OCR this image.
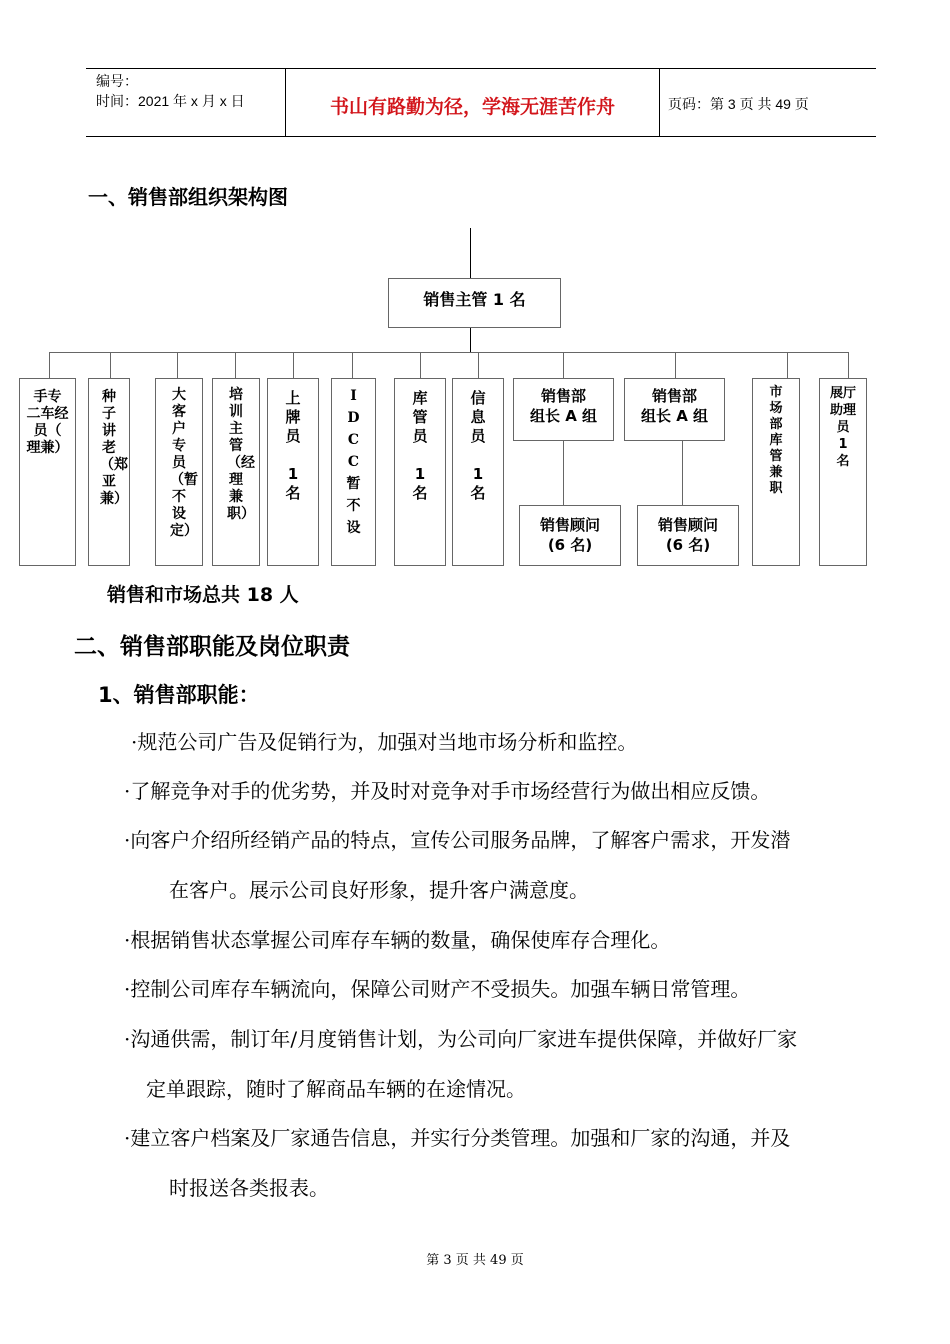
编号：
时间：2021 年 x 月 x 日	书山有路勤为径，学海无涯苦作舟	页码：第 3 页 共 49 页
一、销售部组织架构图
销售主管 1 名
手专
二车经
员（
理兼）
种子讲老（郑亚兼）
大客户专员（暂不设定）
培训主管（经理兼职）
上牌员

1
名
IDCC
暂
不
设
库管员

1
名
信息员

1
名
销售部
组长 A 组
销售部
组长 A 组
市场部库管兼职
展厅助理员 1 名
销售顾问
(6 名)
销售顾问
(6 名)
销售和市场总共 18 人
二、销售部职能及岗位职责
1、销售部职能：
·规范公司广告及促销行为，加强对当地市场分析和监控。
·了解竞争对手的优劣势，并及时对竞争对手市场经营行为做出相应反馈。
·向客户介绍所经销产品的特点，宣传公司服务品牌，了解客户需求，开发潜
在客户。展示公司良好形象，提升客户满意度。
·根据销售状态掌握公司库存车辆的数量，确保使库存合理化。
·控制公司库存车辆流向，保障公司财产不受损失。加强车辆日常管理。
·沟通供需，制订年/月度销售计划，为公司向厂家进车提供保障，并做好厂家
定单跟踪，随时了解商品车辆的在途情况。
·建立客户档案及厂家通告信息，并实行分类管理。加强和厂家的沟通，并及
时报送各类报表。
第 3 页 共 49 页
